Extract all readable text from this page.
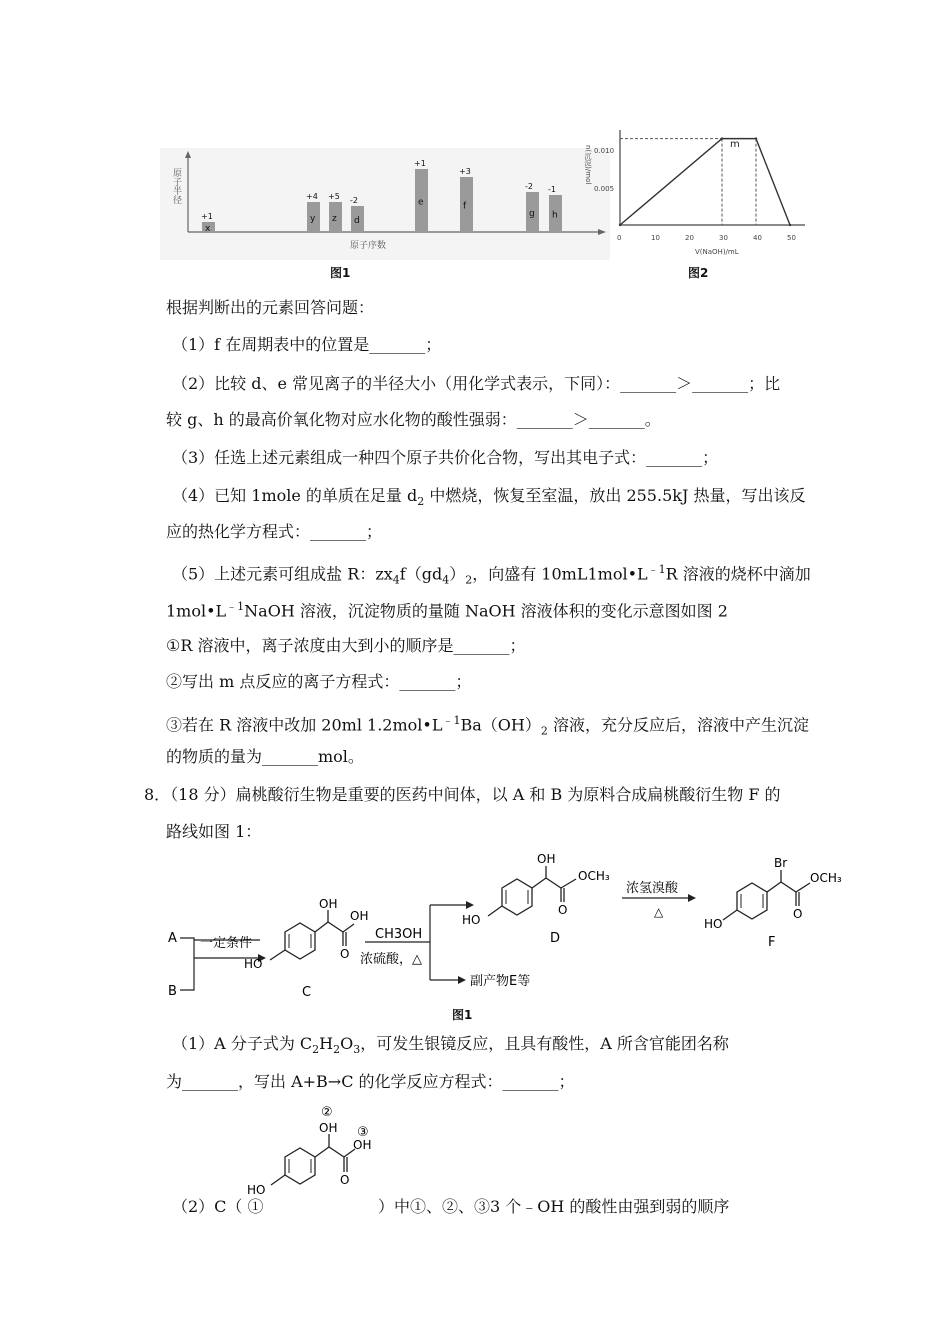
原子半径
原子序数
x
+1	y
+4
z
+5
d
-2	e
+1
f
+3
g
-2
h
-1
图1
n(沉淀)/mol 0.010
0.005
0	10	20	30	40	50
V(NaOH)/mL
m
图2
根据判断出的元素回答问题：
（1）f 在周期表中的位置是_______；
（2）比较 d、e 常见离子的半径大小（用化学式表示，下同）：_______＞_______；比
较 g、h 的最高价氧化物对应水化物的酸性强弱：_______＞_______。
（3）任选上述元素组成一种四个原子共价化合物，写出其电子式：_______；
（4）已知 1mole 的单质在足量 $d_2$ 中燃烧，恢复至室温，放出 255.5kJ 热量，写出该反
应的热化学方程式：_______；
（5）上述元素可组成盐 R：$zx_4f(gd_4)_2$，向盛有 $10mL1mol•L^{﹣1}R$ 溶液的烧杯中滴加
$1mol•L^{﹣1}NaOH$ 溶液，沉淀物质的量随 NaOH 溶液体积的变化示意图如图 2
①R 溶液中，离子浓度由大到小的顺序是_______；
②写出 m 点反应的离子方程式：_______；
③若在 R 溶液中改加 20ml $1.2mol•L^{﹣1}Ba(OH)_2$ 溶液，充分反应后，溶液中产生沉淀
的物质的量为_______mol。
8．（18 分）扁桃酸衍生物是重要的医药中间体，以 A 和 B 为原料合成扁桃酸衍生物 F 的
路线如图 1：
A
B
一定条件
OH
OH
O
HO
C
CH3OH
浓硫酸，△
副产物E等
OH
OCH₃
O
HO
D
浓氢溴酸
△
Br
OCH₃
O
HO
F
图1
（1）A 分子式为 $C_2H_2O_3$，可发生银镜反应，且具有酸性，A 所含官能团名称
为_______，写出 A+B→C 的化学反应方程式：_______；
②
OH ③
OH
O
HO
（2）C（ ①	）中①、②、③3 个﹣OH 的酸性由强到弱的顺序
